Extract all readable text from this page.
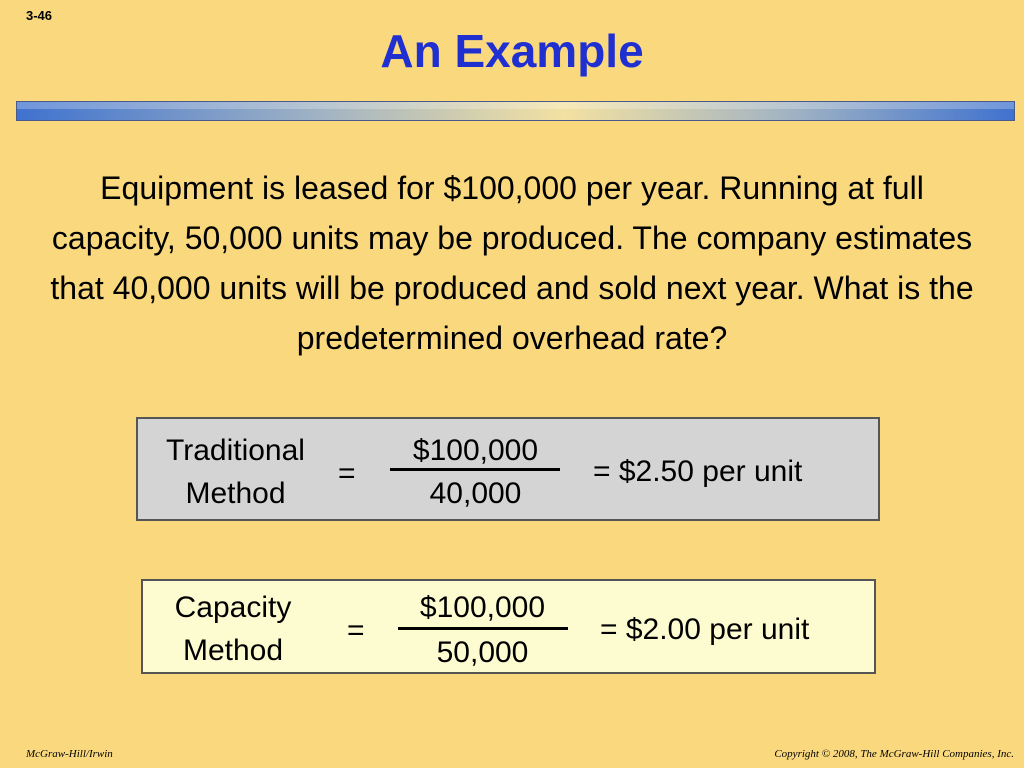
3-46
An Example
Equipment is leased for $100,000 per year. Running at full capacity, 50,000 units may be produced. The company estimates that 40,000 units will be produced and sold next year. What is the predetermined overhead rate?
Traditional
Method
=
$100,000
40,000
= $2.50 per unit
Capacity
Method
=
$100,000
50,000
= $2.00 per unit
McGraw-Hill/Irwin	Copyright © 2008, The McGraw-Hill Companies, Inc.
